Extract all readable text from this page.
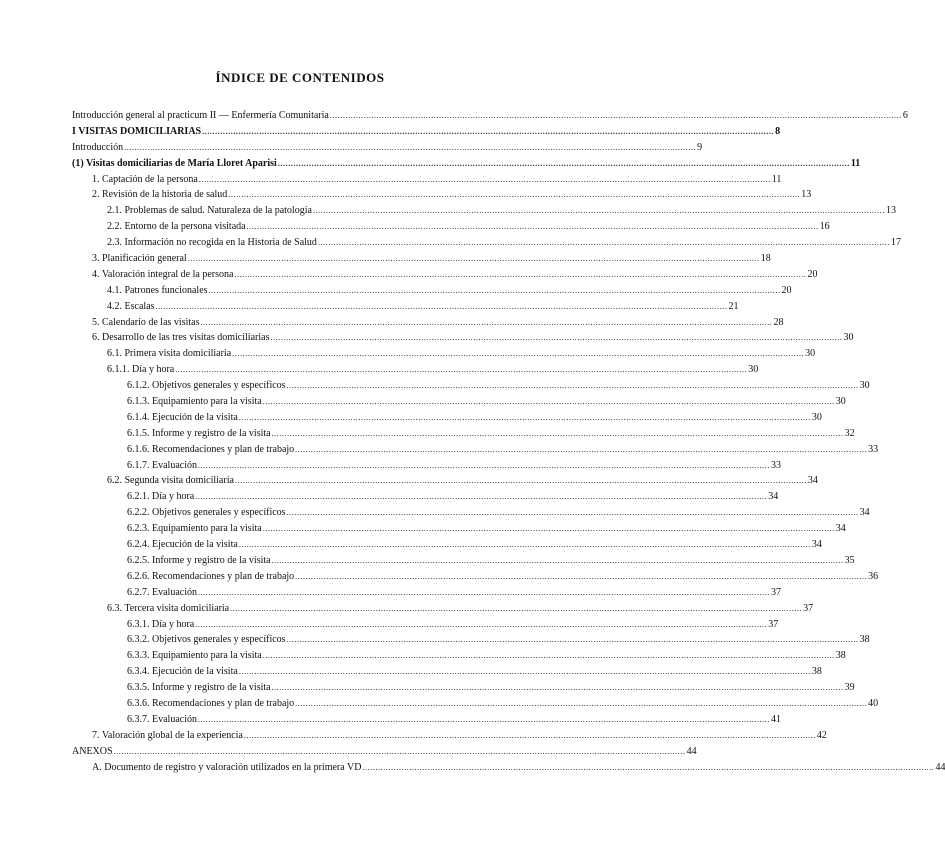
ÍNDICE DE CONTENIDOS
Introducción general al practicum II — Enfermería Comunitaria ............................................................................................................................................................................................................................ 6
I VISITAS DOMICILIARIAS ............................................................................................................................................................................................................................ 8
Introducción ............................................................................................................................................................................................................................ 9
(1) Visitas domiciliarias de María Lloret Aparisi ............................................................................................................................................................................................................................ 11
1. Captación de la persona ............................................................................................................................................................................................................................ 11
2. Revisión de la historia de salud ............................................................................................................................................................................................................................ 13
2.1. Problemas de salud. Naturaleza de la patología ............................................................................................................................................................................................................................ 13
2.2. Entorno de la persona visitada ............................................................................................................................................................................................................................ 16
2.3. Información no recogida en la Historia de Salud ............................................................................................................................................................................................................................ 17
3. Planificación general ............................................................................................................................................................................................................................ 18
4. Valoración integral de la persona ............................................................................................................................................................................................................................ 20
4.1. Patrones funcionales ............................................................................................................................................................................................................................ 20
4.2. Escalas ............................................................................................................................................................................................................................ 21
5. Calendario de las visitas ............................................................................................................................................................................................................................ 28
6. Desarrollo de las tres visitas domiciliarias ............................................................................................................................................................................................................................ 30
6.1. Primera visita domiciliaria ............................................................................................................................................................................................................................ 30
6.1.1. Día y hora ............................................................................................................................................................................................................................ 30
6.1.2. Objetivos generales y específicos ............................................................................................................................................................................................................................ 30
6.1.3. Equipamiento para la visita ............................................................................................................................................................................................................................ 30
6.1.4. Ejecución de la visita ............................................................................................................................................................................................................................ 30
6.1.5. Informe y registro de la visita ............................................................................................................................................................................................................................ 32
6.1.6. Recomendaciones y plan de trabajo ............................................................................................................................................................................................................................ 33
6.1.7. Evaluación ............................................................................................................................................................................................................................ 33
6.2. Segunda visita domiciliaria ............................................................................................................................................................................................................................ 34
6.2.1. Día y hora ............................................................................................................................................................................................................................ 34
6.2.2. Objetivos generales y específicos ............................................................................................................................................................................................................................ 34
6.2.3. Equipamiento para la visita ............................................................................................................................................................................................................................ 34
6.2.4. Ejecución de la visita ............................................................................................................................................................................................................................ 34
6.2.5. Informe y registro de la visita ............................................................................................................................................................................................................................ 35
6.2.6. Recomendaciones y plan de trabajo ............................................................................................................................................................................................................................ 36
6.2.7. Evaluación ............................................................................................................................................................................................................................ 37
6.3. Tercera visita domiciliaria ............................................................................................................................................................................................................................ 37
6.3.1. Día y hora ............................................................................................................................................................................................................................ 37
6.3.2. Objetivos generales y específicos ............................................................................................................................................................................................................................ 38
6.3.3. Equipamiento para la visita ............................................................................................................................................................................................................................ 38
6.3.4. Ejecución de la visita ............................................................................................................................................................................................................................ 38
6.3.5. Informe y registro de la visita ............................................................................................................................................................................................................................ 39
6.3.6. Recomendaciones y plan de trabajo ............................................................................................................................................................................................................................ 40
6.3.7. Evaluación ............................................................................................................................................................................................................................ 41
7. Valoración global de la experiencia ............................................................................................................................................................................................................................ 42
ANEXOS ............................................................................................................................................................................................................................ 44
A. Documento de registro y valoración utilizados en la primera VD ............................................................................................................................................................................................................................ 44
